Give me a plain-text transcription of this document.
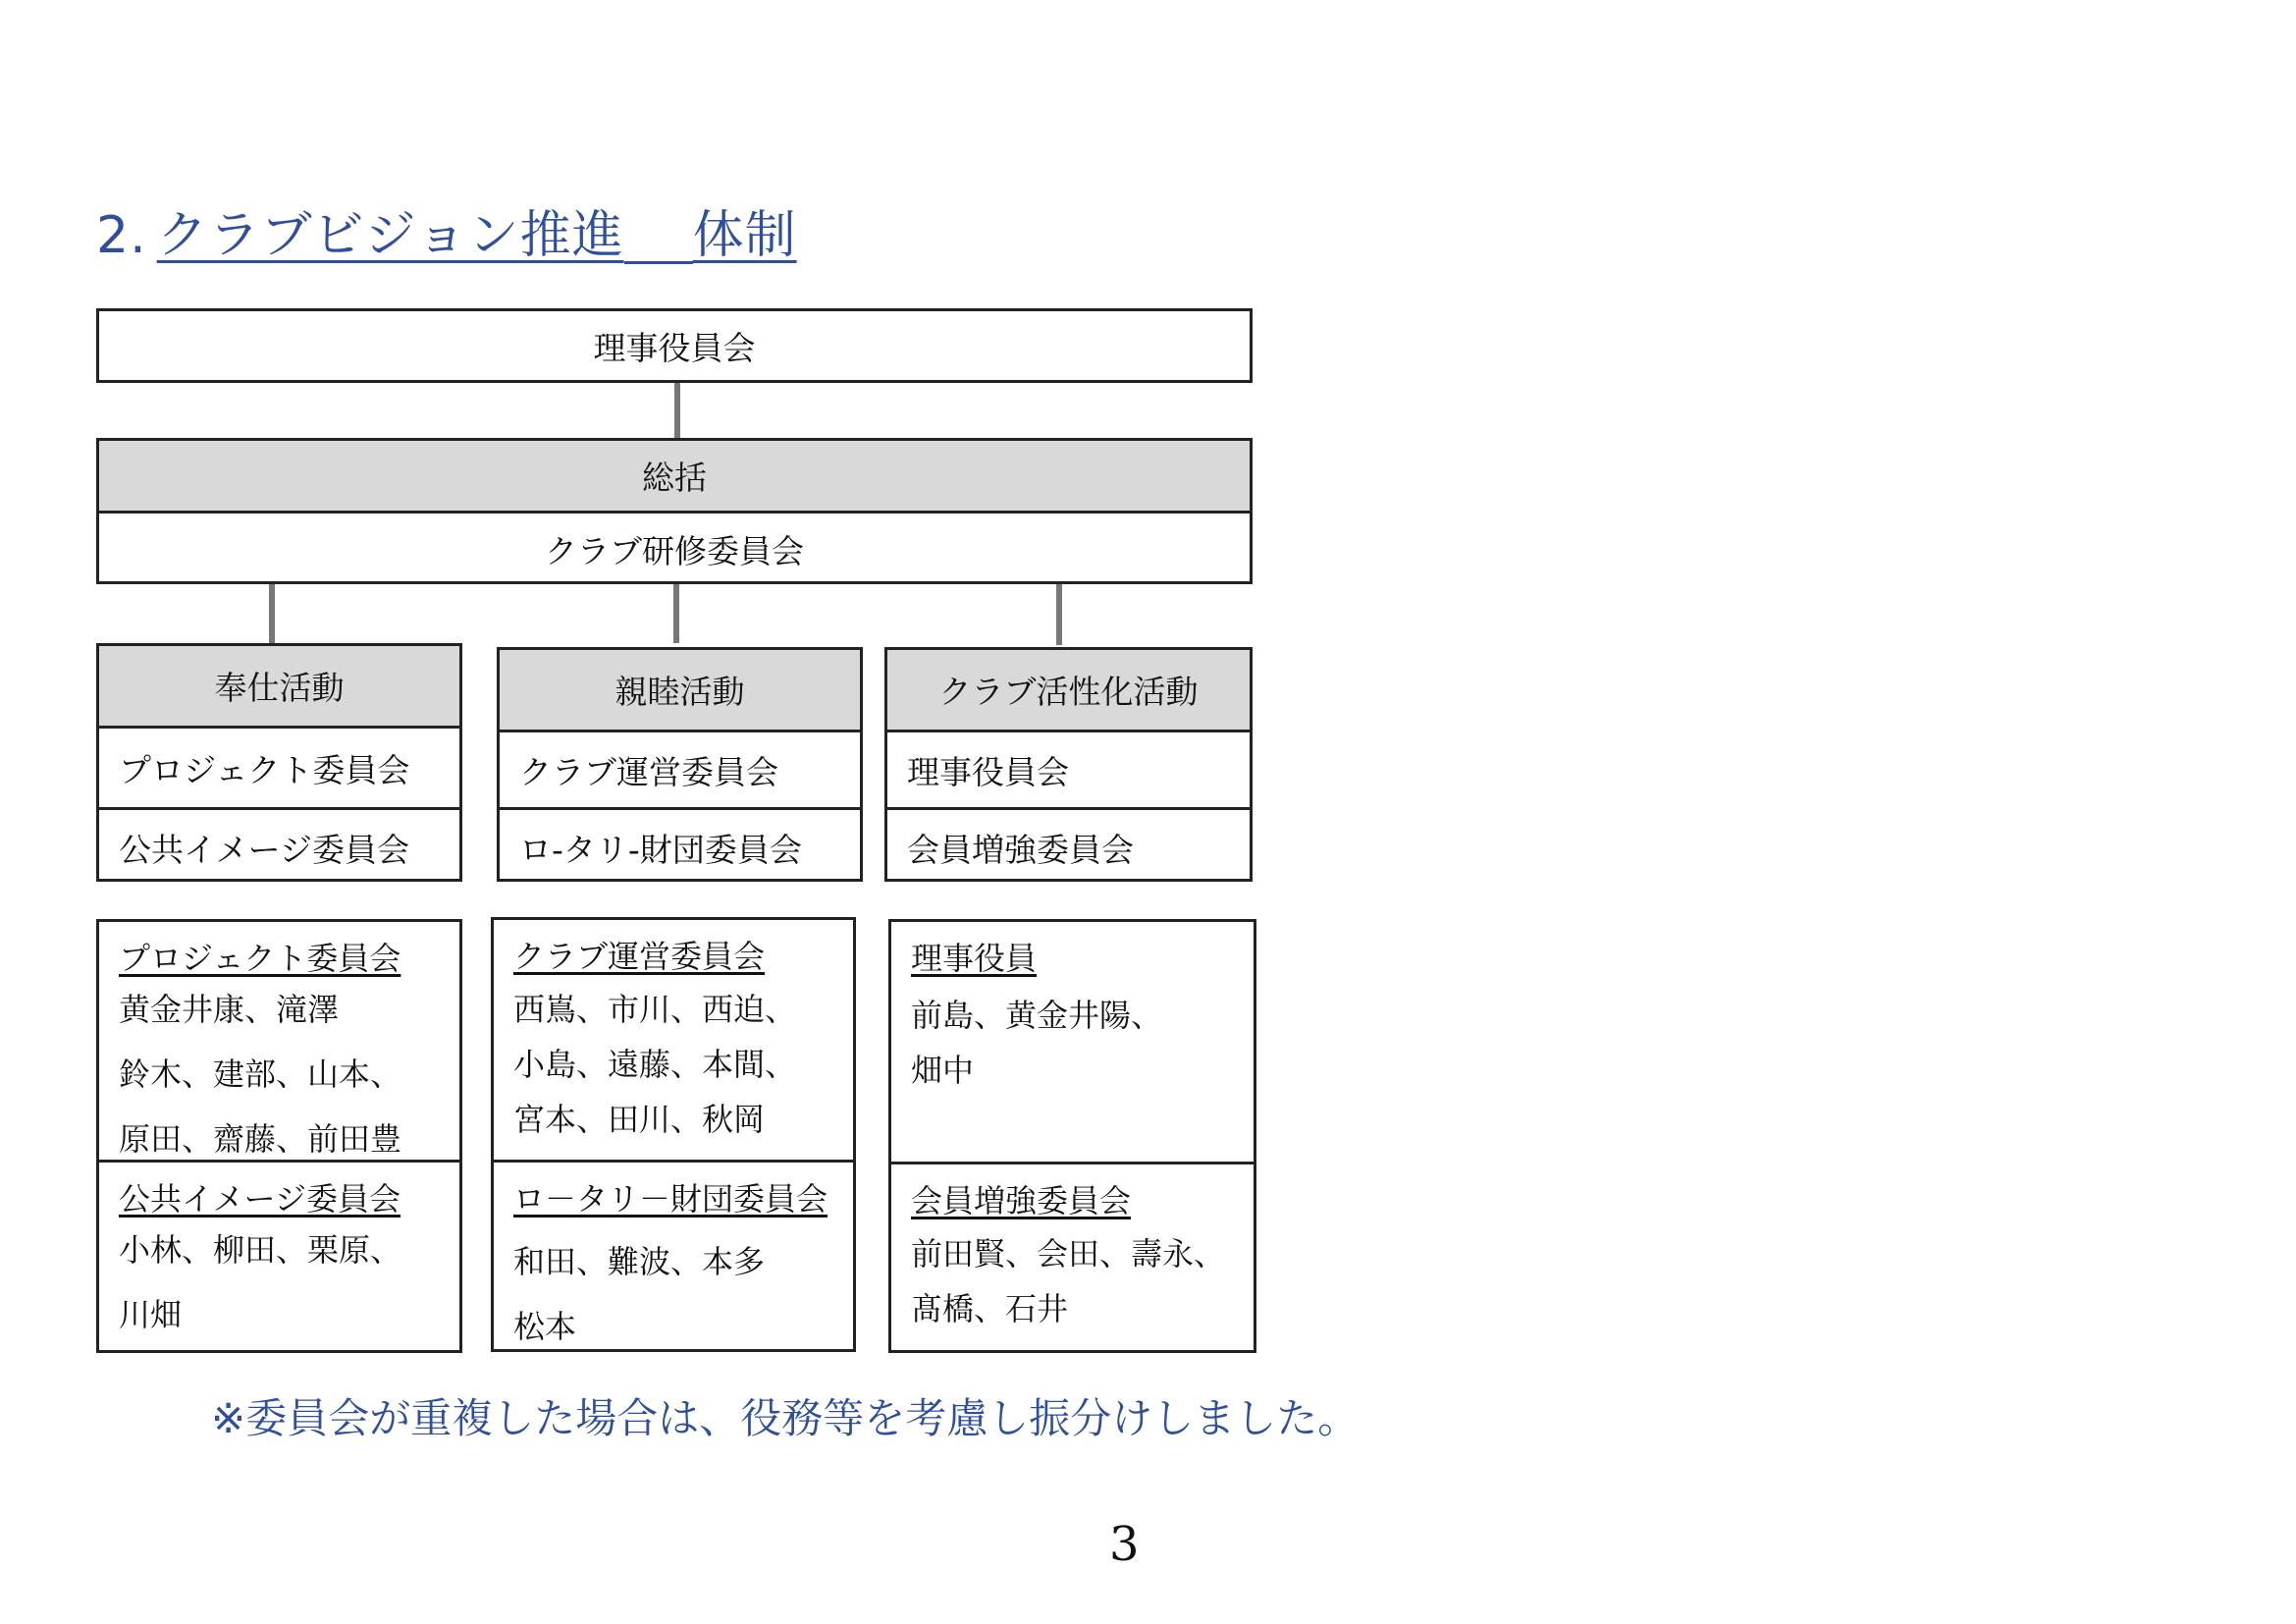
2. クラブビジョン推進 体制
理事役員会
総括
クラブ研修委員会
奉仕活動
プロジェクト委員会
公共イメージ委員会
親睦活動
クラブ運営委員会
ロ-タリ-財団委員会
クラブ活性化活動
理事役員会
会員増強委員会
プロジェクト委員会
黄金井康、滝澤
鈴木、建部、山本、
原田、齋藤、前田豊
公共イメージ委員会
小林、柳田、栗原、
川畑
クラブ運営委員会
西嶌、市川、西迫、
小島、遠藤、本間、
宮本、田川、秋岡
ロ－タリ－財団委員会
和田、難波、本多
松本
理事役員
前島、黄金井陽、
畑中
会員増強委員会
前田賢、会田、壽永、
髙橋、石井
※委員会が重複した場合は、役務等を考慮し振分けしました。
3
